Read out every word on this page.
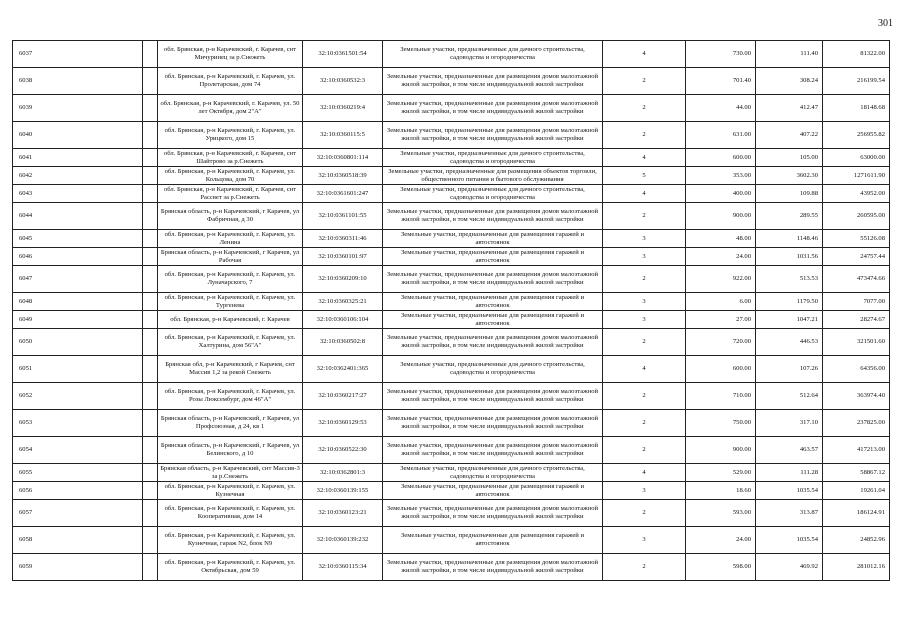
301
6037		обл. Брянская, р-н Карачевский, г. Карачев, снт Мичуринец за р.Снежеть	32:10:0361501:54	Земельные участки, предназначенные для дачного строительства, садоводства и огородничества	4	730.00	111.40	81322.00
6038		обл. Брянская, р-н Карачевский, г. Карачев, ул. Пролетарская, дом 74	32:10:0360532:3	Земельные участки, предназначенные для размещения домов малоэтажной жилой застройки, в том числе индивидуальной жилой застройки	2	701.40	308.24	216199.54
6039		обл. Брянская, р-н Карачевский, г. Карачев, ул. 50 лет Октября, дом 2"А"	32:10:0360219:4	Земельные участки, предназначенные для размещения домов малоэтажной жилой застройки, в том числе индивидуальной жилой застройки	2	44.00	412.47	18148.68
6040		обл. Брянская, р-н Карачевский, г. Карачев, ул. Урицкого, дом 15	32:10:0360115:5	Земельные участки, предназначенные для размещения домов малоэтажной жилой застройки, в том числе индивидуальной жилой застройки	2	631.00	407.22	256955.82
6041		обл. Брянская, р-н Карачевский, г. Карачев, снт Шайтрово за р.Снежеть	32:10:0360801:114	Земельные участки, предназначенные для дачного строительства, садоводства и огородничества	4	600.00	105.00	63000.00
6042		обл. Брянская, р-н Карачевский, г. Карачев, ул. Кольцова, дом 70	32:10:0360518:39	Земельные участки, предназначенные для размещения объектов торговли, общественного питания и бытового обслуживания	5	353.00	3602.30	1271611.90
6043		обл. Брянская, р-н Карачевский, г. Карачев, снт Рассвет за р.Снежеть	32:10:0361601:247	Земельные участки, предназначенные для дачного строительства, садоводства и огородничества	4	400.00	109.88	43952.00
6044		Брянская область, р-н Карачевский, г Карачев, ул Фабричная, д 30	32:10:0361101:55	Земельные участки, предназначенные для размещения домов малоэтажной жилой застройки, в том числе индивидуальной жилой застройки	2	900.00	289.55	260595.00
6045		обл. Брянская, р-н Карачевский, г. Карачев, ул. Ленина	32:10:0360311:46	Земельные участки, предназначенные для размещения гаражей и автостоянок	3	48.00	1148.46	55126.08
6046		Брянская область, р-н Карачевский, г Карачев, ул Рабочая	32:10:0360101:97	Земельные участки, предназначенные для размещения гаражей и автостоянок	3	24.00	1031.56	24757.44
6047		обл. Брянская, р-н Карачевский, г. Карачев, ул. Луначарского, 7	32:10:0360209:10	Земельные участки, предназначенные для размещения домов малоэтажной жилой застройки, в том числе индивидуальной жилой застройки	2	922.00	513.53	473474.66
6048		обл. Брянская, р-н Карачевский, г. Карачев, ул. Тургенева	32:10:0360325:21	Земельные участки, предназначенные для размещения гаражей и автостоянок	3	6.00	1179.50	7077.00
6049		обл. Брянская, р-н Карачевский, г. Карачев	32:10:0360106:104	Земельные участки, предназначенные для размещения гаражей и автостоянок	3	27.00	1047.21	28274.67
6050		обл. Брянская, р-н Карачевский, г. Карачев, ул. Халтурина, дом 56"А"	32:10:0360502:8	Земельные участки, предназначенные для размещения домов малоэтажной жилой застройки, в том числе индивидуальной жилой застройки	2	720.00	446.53	321501.60
6051		Брянская обл, р-н Карачевский, г Карачев, снт Массив 1,2 за рекой Снежеть	32:10:0362401:365	Земельные участки, предназначенные для дачного строительства, садоводства и огородничества	4	600.00	107.26	64356.00
6052		обл. Брянская, р-н Карачевский, г. Карачев, ул. Розы Люксембург, дом 46"А"	32:10:0360217:27	Земельные участки, предназначенные для размещения домов малоэтажной жилой застройки, в том числе индивидуальной жилой застройки	2	710.00	512.64	363974.40
6053		Брянская область, р-н Карачевский, г Карачев, ул Профсоюзная, д 24, кв 1	32:10:0360129:53	Земельные участки, предназначенные для размещения домов малоэтажной жилой застройки, в том числе индивидуальной жилой застройки	2	750.00	317.10	237825.00
6054		Брянская область, р-н Карачевский, г Карачев, ул Белинского, д 10	32:10:0360522:30	Земельные участки, предназначенные для размещения домов малоэтажной жилой застройки, в том числе индивидуальной жилой застройки	2	900.00	463.57	417213.00
6055		Брянская область, р-н Карачевский, снт Массив-3 за р.Снежеть	32:10:0362801:3	Земельные участки, предназначенные для дачного строительства, садоводства и огородничества	4	529.00	111.28	58867.12
6056		обл. Брянская, р-н Карачевский, г. Карачев, ул. Кузнечная	32:10:0360139:155	Земельные участки, предназначенные для размещения гаражей и автостоянок	3	18.60	1035.54	19261.04
6057		обл. Брянская, р-н Карачевский, г. Карачев, ул. Кооперативная, дом 14	32:10:0360123:21	Земельные участки, предназначенные для размещения домов малоэтажной жилой застройки, в том числе индивидуальной жилой застройки	2	593.00	313.87	186124.91
6058		обл. Брянская, р-н Карачевский, г. Карачев, ул. Кузнечная, гараж N2, блок N9	32:10:0360139:232	Земельные участки, предназначенные для размещения гаражей и автостоянок	3	24.00	1035.54	24852.96
6059		обл. Брянская, р-н Карачевский, г. Карачев, ул. Октябрьская, дом 59	32:10:0360115:34	Земельные участки, предназначенные для размещения домов малоэтажной жилой застройки, в том числе индивидуальной жилой застройки	2	598.00	469.92	281012.16
